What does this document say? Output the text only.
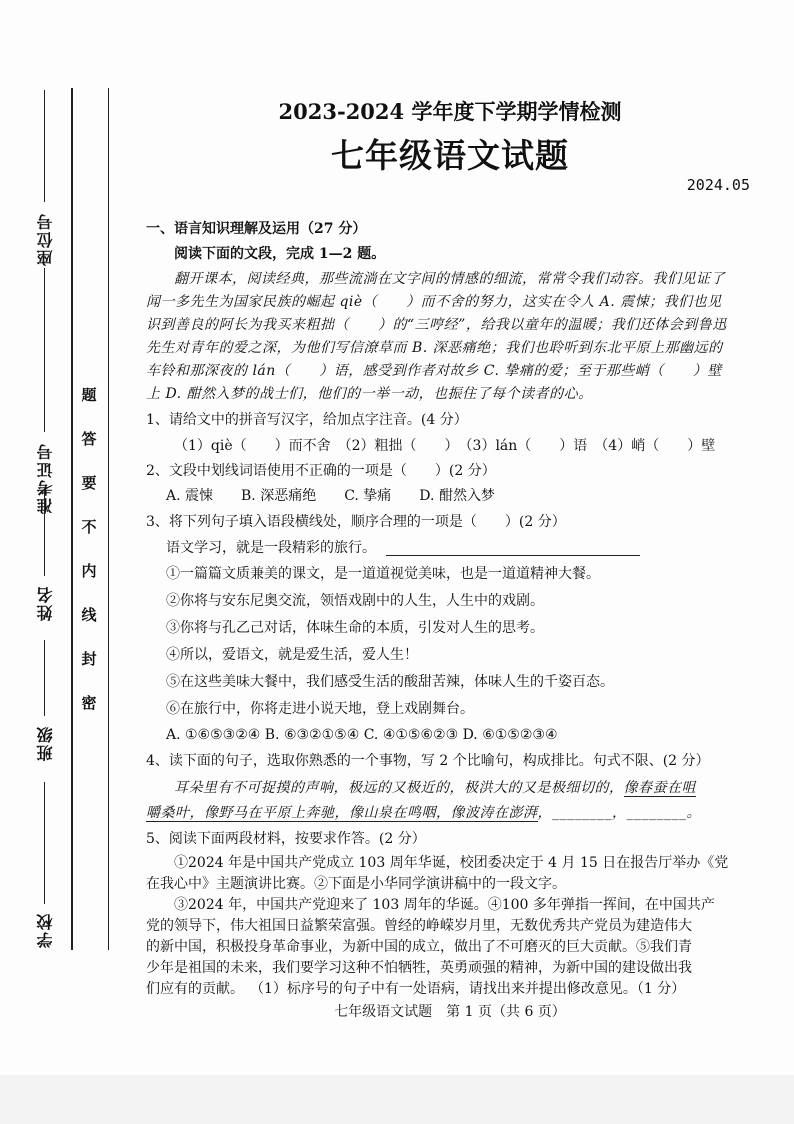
座位号
准考证号
姓名
班级
学校
题
答
要
不
内
线
封
密
2023-2024 学年度下学期学情检测
七年级语文试题
2024.05
一、语言知识理解及运用（27 分）
阅读下面的文段，完成 1—2 题。
翻开课本，阅读经典，那些流淌在文字间的情感的细流，常常令我们动容。我们见证了
闻一多先生为国家民族的崛起 qiè（　　）而不舍的努力，这实在令人 A. 震悚；我们也见
识到善良的阿长为我买来粗拙（　　）的“三哼经”，给我以童年的温暖；我们还体会到鲁迅
先生对青年的爱之深，为他们写信潦草而 B. 深恶痛绝；我们也聆听到东北平原上那幽远的
车铃和那深夜的 lán（　　）语，感受到作者对故乡 C. 挚痛的爱；至于那些峭（　　）壁
上 D. 酣然入梦的战士们，他们的一举一动，也振住了每个读者的心。
1、请给文中的拼音写汉字，给加点字注音。(4 分）
（1）qiè（　　）而不舍　（2）粗拙（　　）　（3）lán（　　）语　（4）峭（　　）壁
2、文段中划线词语使用不正确的一项是（　　）(2 分）
A. 震悚　　B. 深恶痛绝　　C. 挚痛　　D. 酣然入梦
3、将下列句子填入语段横线处，顺序合理的一项是（　　）(2 分）
语文学习，就是一段精彩的旅行。
①一篇篇文质兼美的课文，是一道道视觉美味，也是一道道精神大餐。
②你将与安东尼奥交流，领悟戏剧中的人生，人生中的戏剧。
③你将与孔乙己对话，体味生命的本质，引发对人生的思考。
④所以，爱语文，就是爱生活，爱人生！
⑤在这些美味大餐中，我们感受生活的酸甜苦辣，体味人生的千姿百态。
⑥在旅行中，你将走进小说天地，登上戏剧舞台。
A. ①⑥⑤③②④ B. ⑥③②①⑤④ C. ④①⑤⑥②③ D. ⑥①⑤②③④
4、读下面的句子，选取你熟悉的一个事物，写 2 个比喻句，构成排比。句式不限、(2 分）
耳朵里有不可捉摸的声响，极远的又极近的，极洪大的又是极细切的，像春蚕在咀
嚼桑叶，像野马在平原上奔驰，像山泉在鸣咽，像波涛在澎湃，________，________。
5、阅读下面两段材料，按要求作答。(2 分）
①2024 年是中国共产党成立 103 周年华诞，校团委决定于 4 月 15 日在报告厅举办《党
在我心中》主题演讲比赛。②下面是小华同学演讲稿中的一段文字。
③2024 年，中国共产党迎来了 103 周年的华诞。④100 多年弹指一挥间，在中国共产
党的领导下，伟大祖国日益繁荣富强。曾经的峥嵘岁月里，无数优秀共产党员为建造伟大
的新中国，积极投身革命事业，为新中国的成立，做出了不可磨灭的巨大贡献。⑤我们青
少年是祖国的未来，我们要学习这种不怕牺牲，英勇顽强的精神，为新中国的建设做出我
们应有的贡献。
七年级语文试题　第 1 页（共 6 页）
（1）标序号的句子中有一处语病，请找出来并提出修改意见。（1 分）
